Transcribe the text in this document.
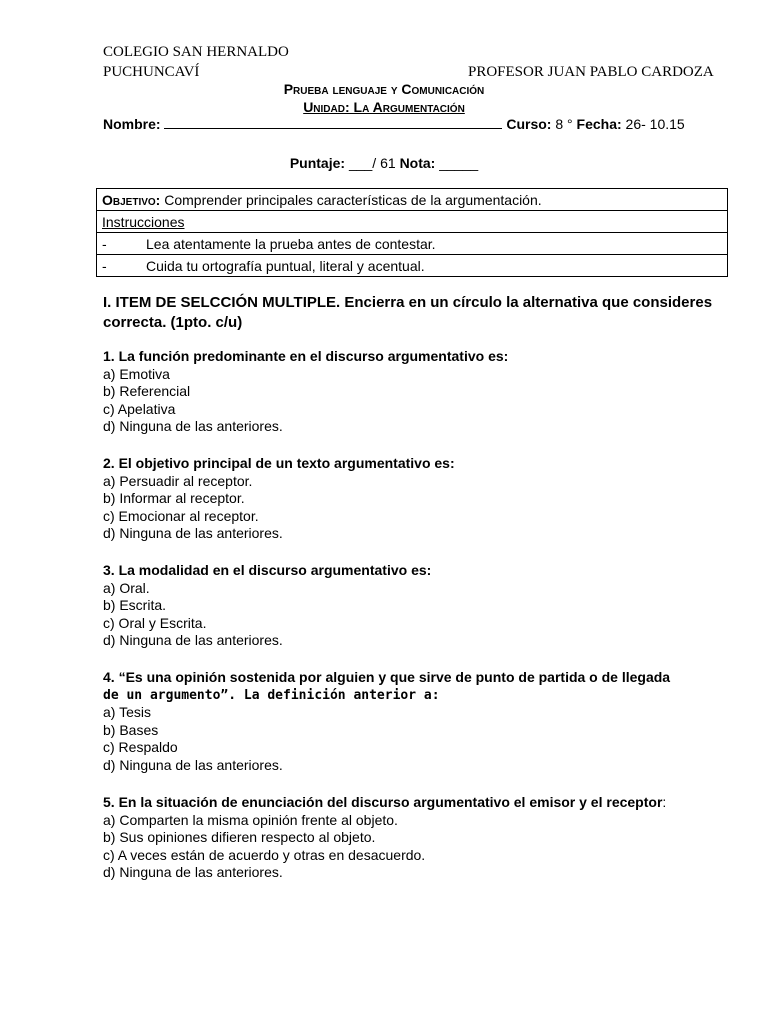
COLEGIO SAN HERNALDO
PUCHUNCAVÍ	PROFESOR JUAN PABLO CARDOZA
Prueba lenguaje y Comunicación
Unidad: La Argumentación
Nombre:	Curso: 8 ° Fecha: 26- 10.15
Puntaje: ___/ 61 Nota: _____
Objetivo: Comprender principales características de la argumentación.
Instrucciones
-	Lea atentamente la prueba antes de contestar.
-	Cuida tu ortografía puntual, literal y acentual.
I. ITEM DE SELCCIÓN MULTIPLE. Encierra en un círculo la alternativa que consideres correcta. (1pto. c/u)
1. La función predominante en el discurso argumentativo es:
a) Emotiva
b) Referencial
c) Apelativa
d) Ninguna de las anteriores.
2. El objetivo principal de un texto argumentativo es:
a) Persuadir al receptor.
b) Informar al receptor.
c) Emocionar al receptor.
d) Ninguna de las anteriores.
3. La modalidad en el discurso argumentativo es:
a) Oral.
b) Escrita.
c) Oral y Escrita.
d) Ninguna de las anteriores.
4. “Es una opinión sostenida por alguien y que sirve de punto de partida o de llegada
de un argumento”. La definición anterior a:
a) Tesis
b) Bases
c) Respaldo
d) Ninguna de las anteriores.
5. En la situación de enunciación del discurso argumentativo el emisor y el receptor:
a) Comparten la misma opinión frente al objeto.
b) Sus opiniones difieren respecto al objeto.
c) A veces están de acuerdo y otras en desacuerdo.
d) Ninguna de las anteriores.
